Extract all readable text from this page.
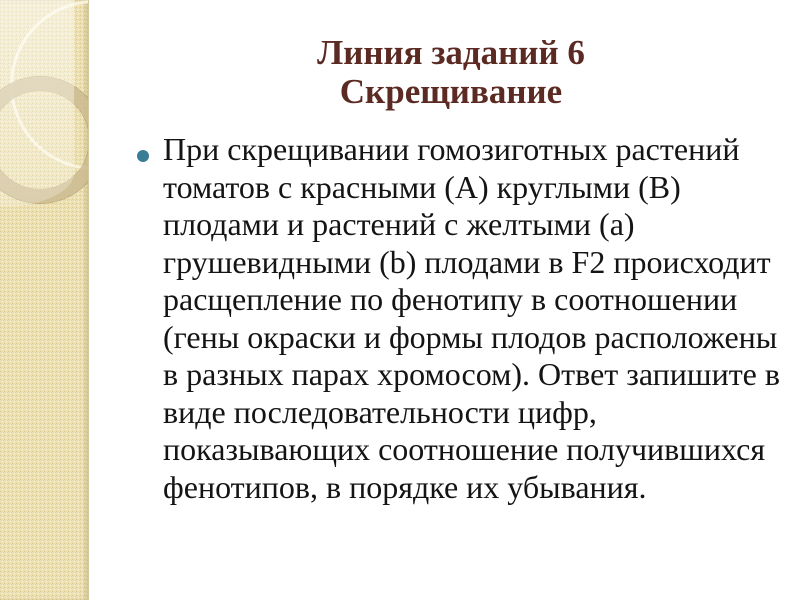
Линия заданий 6
Скрещивание

При скрещивании гомозиготных растений
томатов с красными (A) круглыми (B)
плодами и растений с желтыми (a)
грушевидными (b) плодами в F2 происходит
расщепление по фенотипу в соотношении
(гены окраски и формы плодов расположены
в разных парах хромосом). Ответ запишите в
виде последовательности цифр,
показывающих соотношение получившихся
фенотипов, в порядке их убывания.
